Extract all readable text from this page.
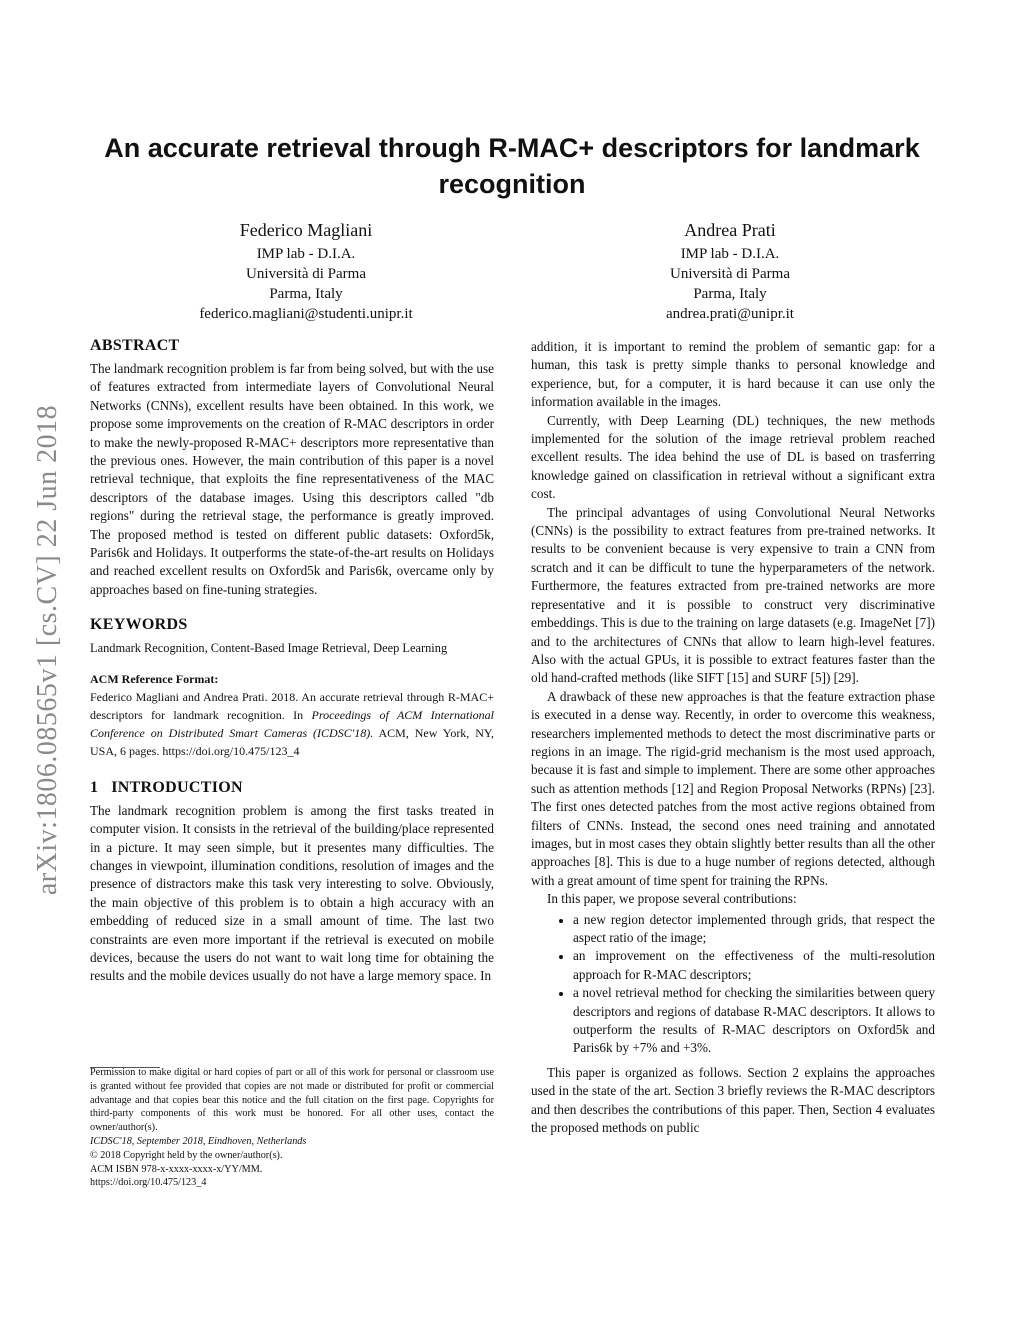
arXiv:1806.08565v1 [cs.CV] 22 Jun 2018
An accurate retrieval through R-MAC+ descriptors for landmark recognition
Federico Magliani
IMP lab - D.I.A.
Università di Parma
Parma, Italy
federico.magliani@studenti.unipr.it
Andrea Prati
IMP lab - D.I.A.
Università di Parma
Parma, Italy
andrea.prati@unipr.it
ABSTRACT

The landmark recognition problem is far from being solved, but with the use of features extracted from intermediate layers of Convolutional Neural Networks (CNNs), excellent results have been obtained. In this work, we propose some improvements on the creation of R-MAC descriptors in order to make the newly-proposed R-MAC+ descriptors more representative than the previous ones. However, the main contribution of this paper is a novel retrieval technique, that exploits the fine representativeness of the MAC descriptors of the database images. Using this descriptors called "db regions" during the retrieval stage, the performance is greatly improved. The proposed method is tested on different public datasets: Oxford5k, Paris6k and Holidays. It outperforms the state-of-the-art results on Holidays and reached excellent results on Oxford5k and Paris6k, overcame only by approaches based on fine-tuning strategies.

KEYWORDS

Landmark Recognition, Content-Based Image Retrieval, Deep Learning

ACM Reference Format:
Federico Magliani and Andrea Prati. 2018. An accurate retrieval through R-MAC+ descriptors for landmark recognition. In Proceedings of ACM International Conference on Distributed Smart Cameras (ICDSC'18). ACM, New York, NY, USA, 6 pages. https://doi.org/10.475/123_4
1   INTRODUCTION

The landmark recognition problem is among the first tasks treated in computer vision. It consists in the retrieval of the building/place represented in a picture. It may seen simple, but it presentes many difficulties. The changes in viewpoint, illumination conditions, resolution of images and the presence of distractors make this task very interesting to solve. Obviously, the main objective of this problem is to obtain a high accuracy with an embedding of reduced size in a small amount of time. The last two constraints are even more important if the retrieval is executed on mobile devices, because the users do not want to wait long time for obtaining the results and the mobile devices usually do not have a large memory space. In

addition, it is important to remind the problem of semantic gap: for a human, this task is pretty simple thanks to personal knowledge and experience, but, for a computer, it is hard because it can use only the information available in the images.

Currently, with Deep Learning (DL) techniques, the new methods implemented for the solution of the image retrieval problem reached excellent results. The idea behind the use of DL is based on trasferring knowledge gained on classification in retrieval without a significant extra cost.

The principal advantages of using Convolutional Neural Networks (CNNs) is the possibility to extract features from pre-trained networks. It results to be convenient because is very expensive to train a CNN from scratch and it can be difficult to tune the hyperparameters of the network. Furthermore, the features extracted from pre-trained networks are more representative and it is possible to construct very discriminative embeddings. This is due to the training on large datasets (e.g. ImageNet [7]) and to the architectures of CNNs that allow to learn high-level features. Also with the actual GPUs, it is possible to extract features faster than the old hand-crafted methods (like SIFT [15] and SURF [5]) [29].

A drawback of these new approaches is that the feature extraction phase is executed in a dense way. Recently, in order to overcome this weakness, researchers implemented methods to detect the most discriminative parts or regions in an image. The rigid-grid mechanism is the most used approach, because it is fast and simple to implement. There are some other approaches such as attention methods [12] and Region Proposal Networks (RPNs) [23]. The first ones detected patches from the most active regions obtained from filters of CNNs. Instead, the second ones need training and annotated images, but in most cases they obtain slightly better results than all the other approaches [8]. This is due to a huge number of regions detected, although with a great amount of time spent for training the RPNs.

In this paper, we propose several contributions:

• a new region detector implemented through grids, that respect the aspect ratio of the image;
• an improvement on the effectiveness of the multi-resolution approach for R-MAC descriptors;
• a novel retrieval method for checking the similarities between query descriptors and regions of database R-MAC descriptors. It allows to outperform the results of R-MAC descriptors on Oxford5k and Paris6k by +7% and +3%.

This paper is organized as follows. Section 2 explains the approaches used in the state of the art. Section 3 briefly reviews the R-MAC descriptors and then describes the contributions of this paper. Then, Section 4 evaluates the proposed methods on public

Permission to make digital or hard copies of part or all of this work for personal or classroom use is granted without fee provided that copies are not made or distributed for profit or commercial advantage and that copies bear this notice and the full citation on the first page. Copyrights for third-party components of this work must be honored. For all other uses, contact the owner/author(s).
ICDSC'18, September 2018, Eindhoven, Netherlands
© 2018 Copyright held by the owner/author(s).
ACM ISBN 978-x-xxxx-xxxx-x/YY/MM.
https://doi.org/10.475/123_4
